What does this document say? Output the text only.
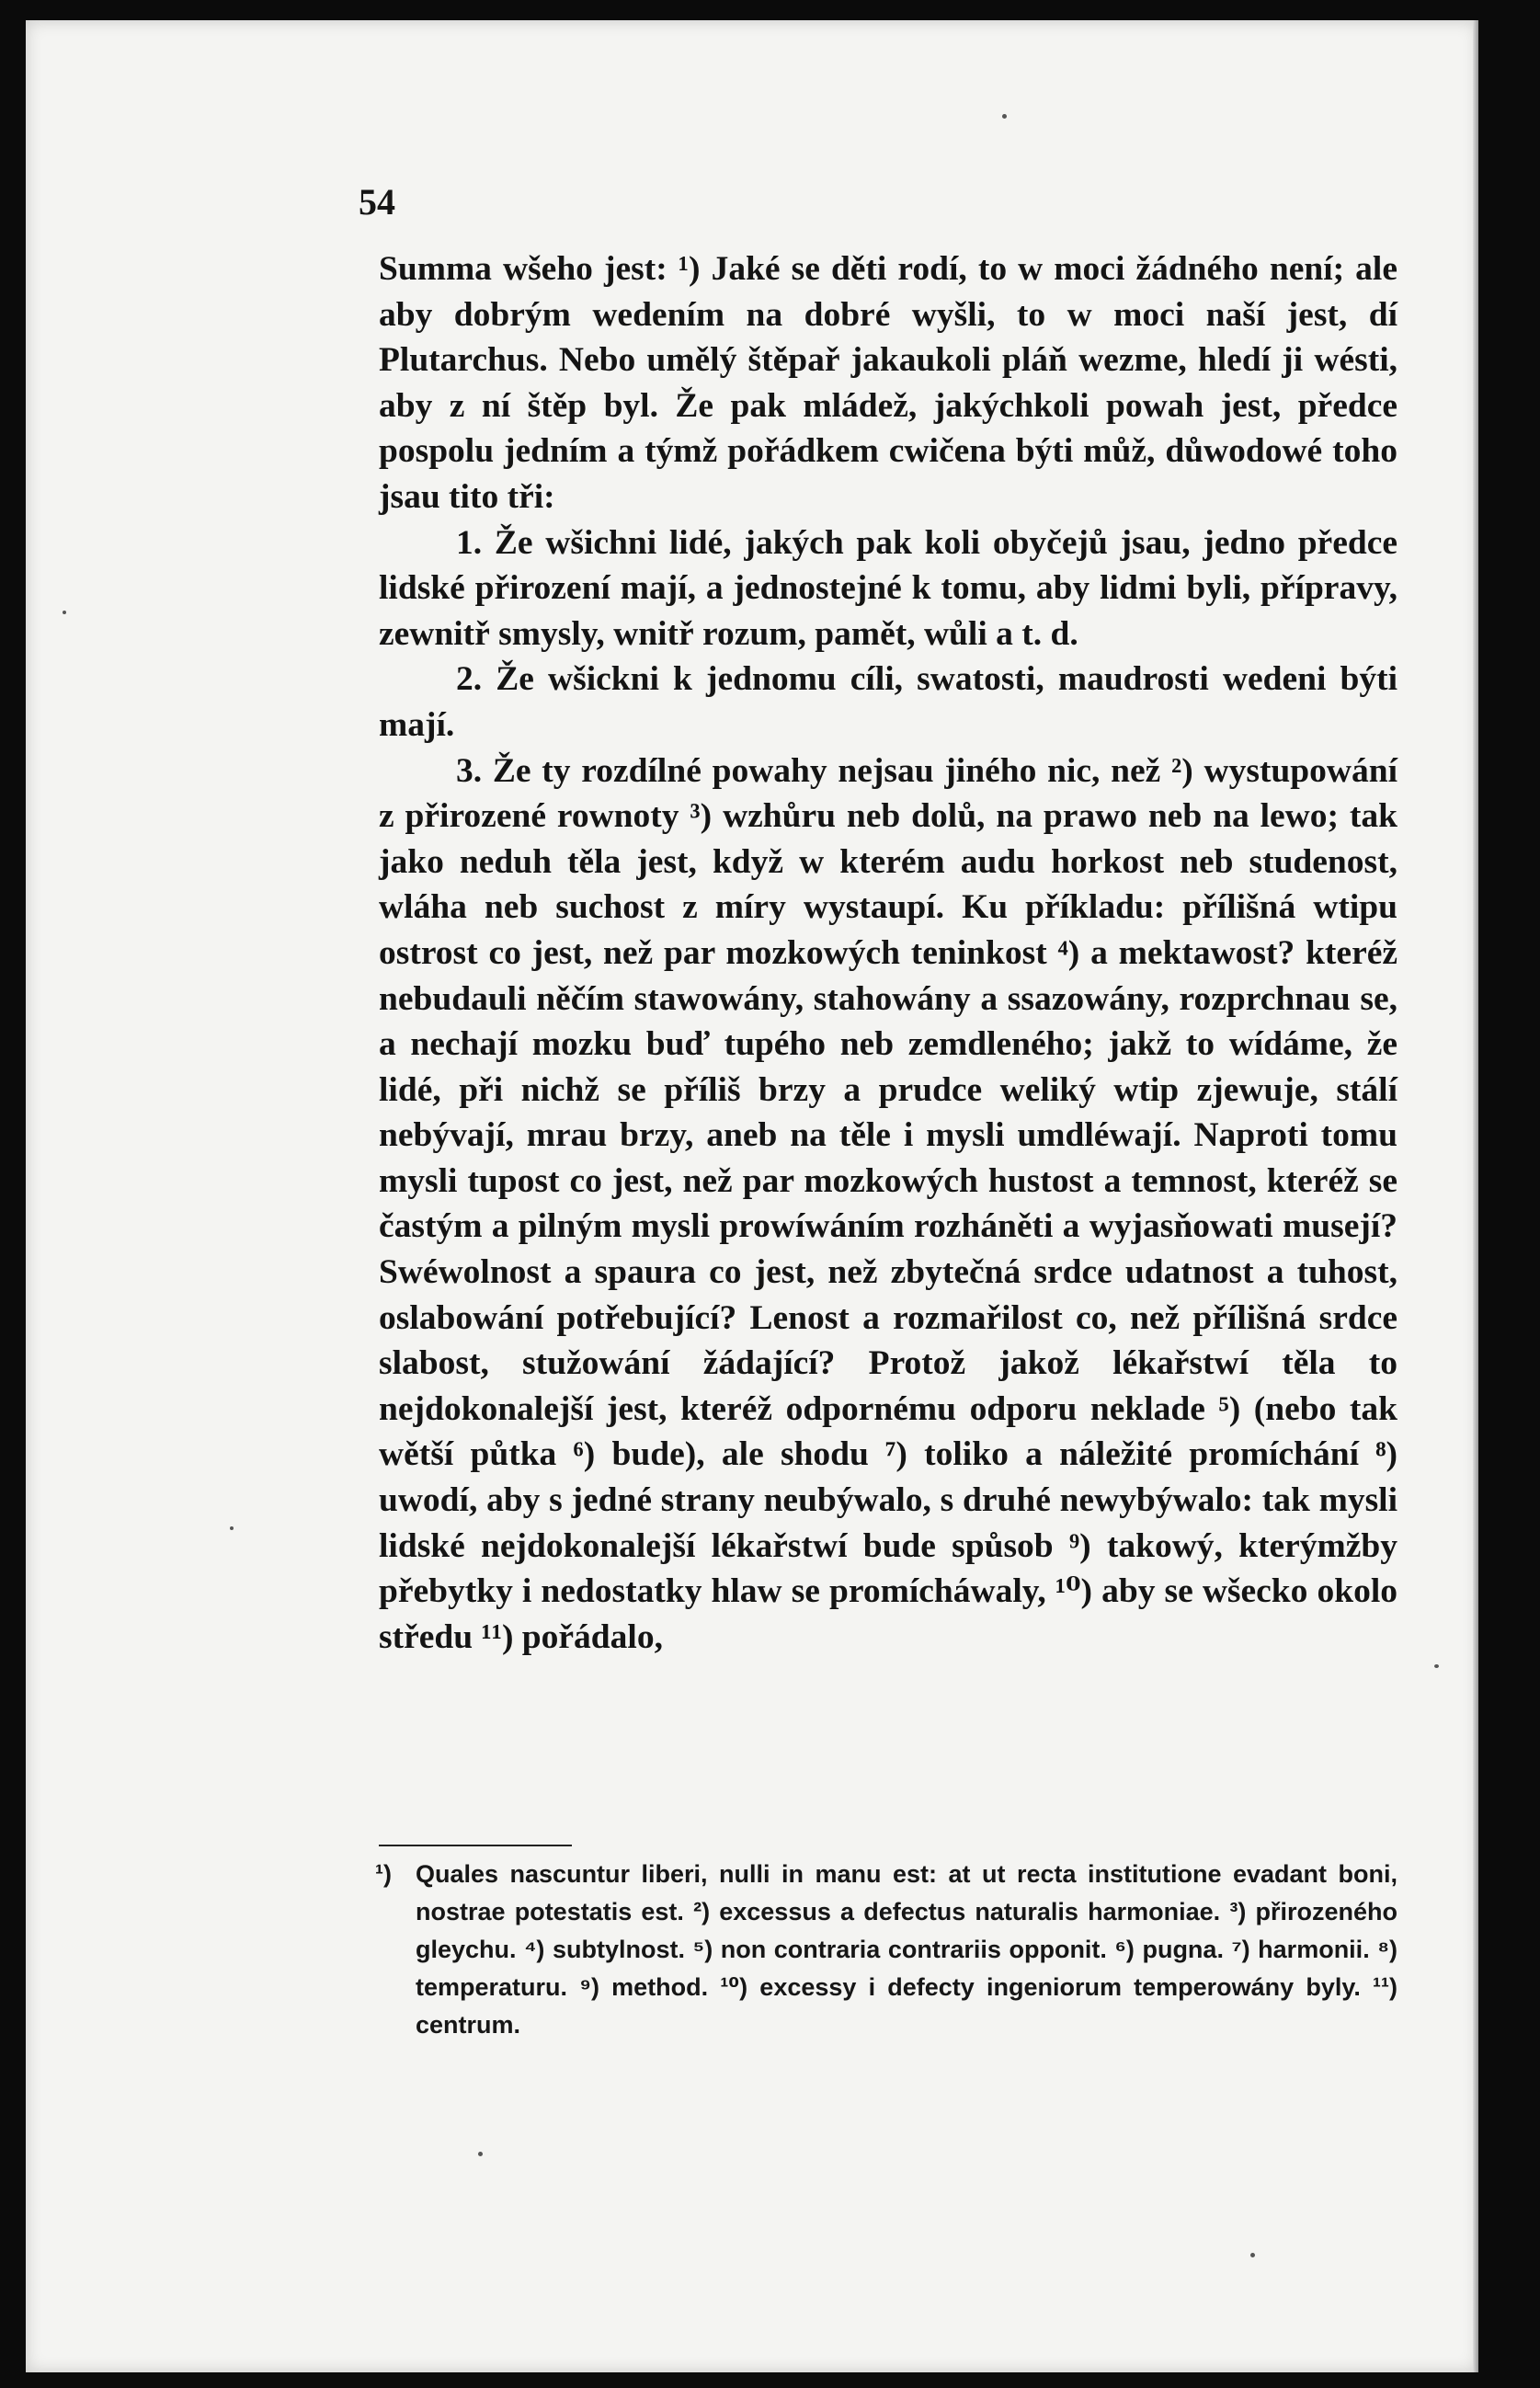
54

Summa wšeho jest: ¹) Jaké se děti rodí, to w moci žádného není; ale aby dobrým wedením na dobré wyšli, to w moci naší jest, dí Plutarchus. Nebo umělý štěpař jakaukoli pláň wezme, hledí ji wésti, aby z ní štěp byl. Že pak mládež, jakýchkoli powah jest, předce pospolu jedním a týmž pořádkem cwičena býti můž, důwodowé toho jsau tito tři:

1. Že wšichni lidé, jakých pak koli obyčejů jsau, jedno předce lidské přirození mají, a jednostejné k tomu, aby lidmi byli, přípravy, zewnitř smysly, wnitř rozum, pamět, wůli a t. d.

2. Že wšickni k jednomu cíli, swatosti, maudrosti wedeni býti mají.

3. Že ty rozdílné powahy nejsau jiného nic, než ²) wystupowání z přirozené rownoty ³) wzhůru neb dolů, na prawo neb na lewo; tak jako neduh těla jest, když w kterém audu horkost neb studenost, wláha neb suchost z míry wystaupí. Ku příkladu: přílišná wtipu ostrost co jest, než par mozkowých teninkost ⁴) a mektawost? kteréž nebudauli něčím stawowány, stahowány a ssazowány, rozprchnau se, a nechají mozku buď tupého neb zemdleného; jakž to wídáme, že lidé, při nichž se příliš brzy a prudce weliký wtip zjewuje, stálí nebývají, mrau brzy, aneb na těle i mysli umdléwají. Naproti tomu mysli tupost co jest, než par mozkowých hustost a temnost, kteréž se častým a pilným mysli prowíwáním rozháněti a wyjasňowati musejí? Swéwolnost a spaura co jest, než zbytečná srdce udatnost a tuhost, oslabowání potřebující? Lenost a rozmařilost co, než přílišná srdce slabost, stužowání žádající? Protož jakož lékařstwí těla to nejdokonalejší jest, kteréž odpornému odporu neklade ⁵) (nebo tak wětší půtka ⁶) bude), ale shodu ⁷) toliko a náležité promíchání ⁸) uwodí, aby s jedné strany neubýwalo, s druhé newybýwalo: tak mysli lidské nejdokonalejší lékařstwí bude spůsob ⁹) takowý, kterýmžby přebytky i nedostatky hlaw se promícháwaly, ¹⁰) aby se wšecko okolo středu ¹¹) pořádalo,

¹) Quales nascuntur liberi, nulli in manu est: at ut recta institutione evadant boni, nostrae potestatis est. ²) excessus a defectus naturalis harmoniae. ³) přirozeného gleychu. ⁴) subtylnost. ⁵) non contraria contrariis opponit. ⁶) pugna. ⁷) harmonii. ⁸) temperaturu. ⁹) method. ¹⁰) excessy i defecty ingeniorum temperowány byly. ¹¹) centrum.
